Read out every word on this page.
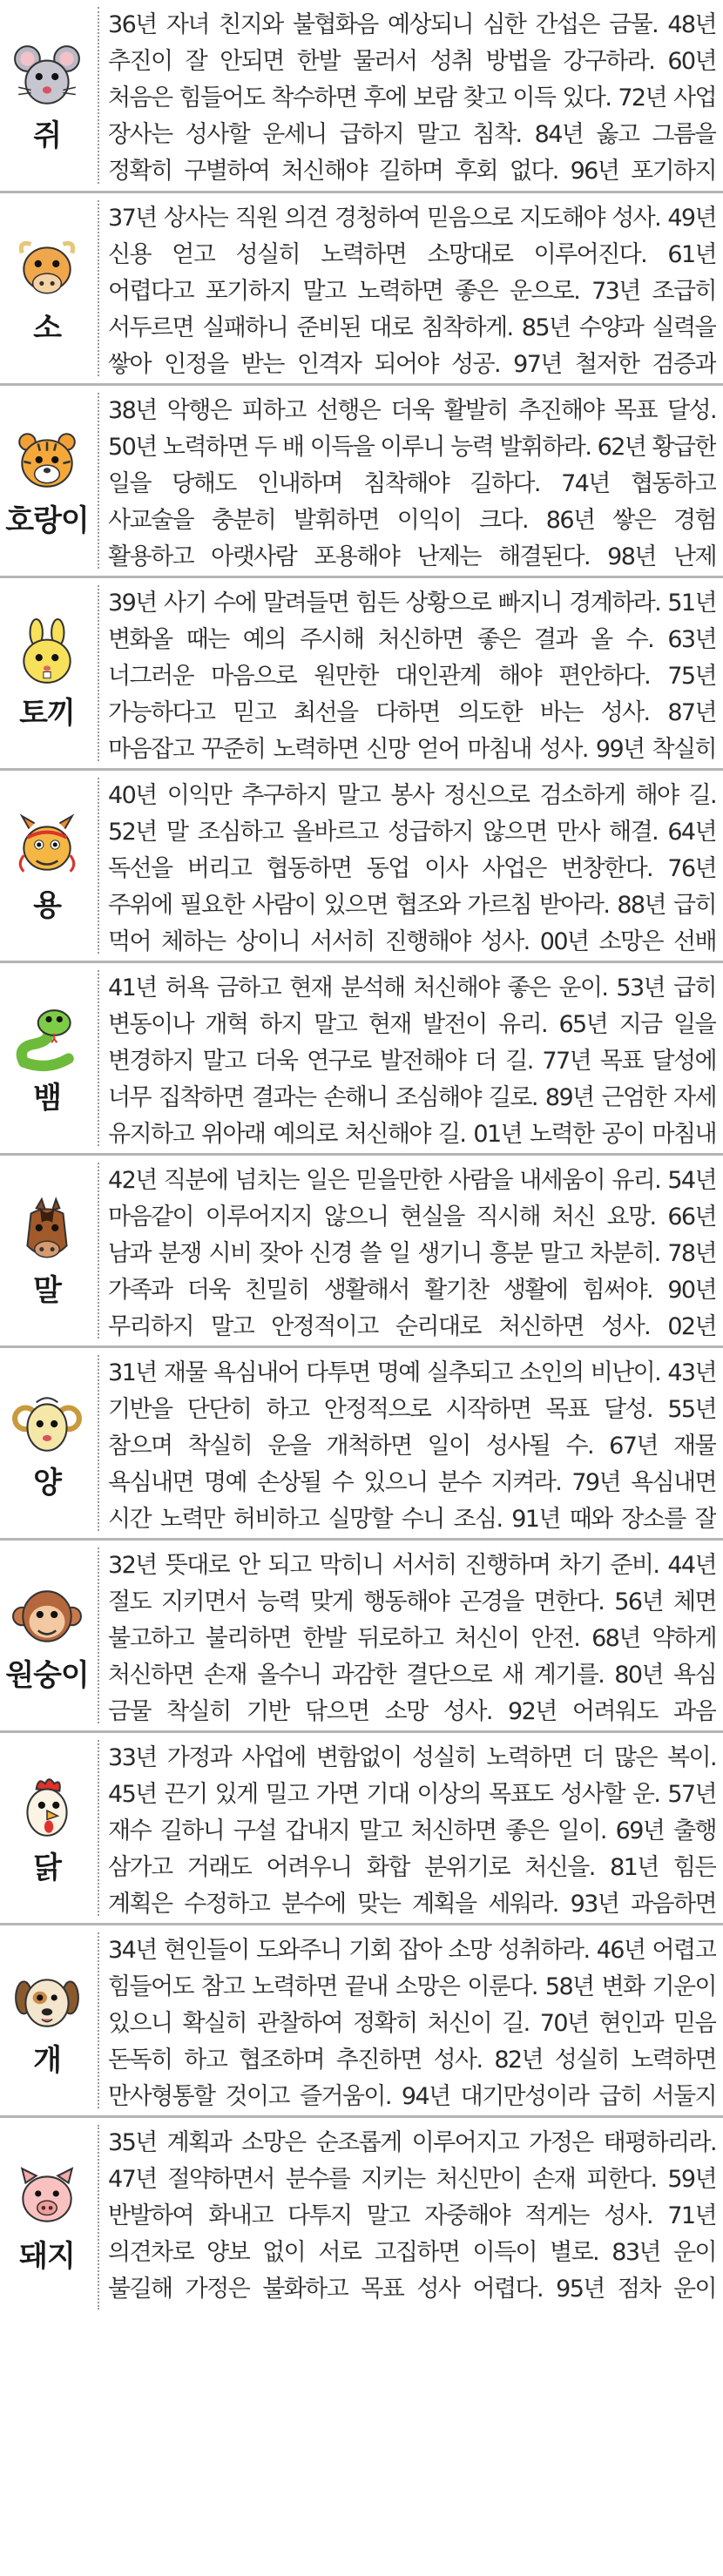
쥐
36년 자녀 친지와 불협화음 예상되니 심한 간섭은 금물. 48년 추진이 잘 안되면 한발 물러서 성취 방법을 강구하라. 60년 처음은 힘들어도 착수하면 후에 보람 찾고 이득 있다. 72년 사업 장사는 성사할 운세니 급하지 말고 침착. 84년 옳고 그름을 정확히 구별하여 처신해야 길하며 후회 없다. 96년 포기하지
소
37년 상사는 직원 의견 경청하여 믿음으로 지도해야 성사. 49년 신용 얻고 성실히 노력하면 소망대로 이루어진다. 61년 어렵다고 포기하지 말고 노력하면 좋은 운으로. 73년 조급히 서두르면 실패하니 준비된 대로 침착하게. 85년 수양과 실력을 쌓아 인정을 받는 인격자 되어야 성공. 97년 철저한 검증과
호랑이
38년 악행은 피하고 선행은 더욱 활발히 추진해야 목표 달성. 50년 노력하면 두 배 이득을 이루니 능력 발휘하라. 62년 황급한 일을 당해도 인내하며 침착해야 길하다. 74년 협동하고 사교술을 충분히 발휘하면 이익이 크다. 86년 쌓은 경험 활용하고 아랫사람 포용해야 난제는 해결된다. 98년 난제
토끼
39년 사기 수에 말려들면 힘든 상황으로 빠지니 경계하라. 51년 변화올 때는 예의 주시해 처신하면 좋은 결과 올 수. 63년 너그러운 마음으로 원만한 대인관계 해야 편안하다. 75년 가능하다고 믿고 최선을 다하면 의도한 바는 성사. 87년 마음잡고 꾸준히 노력하면 신망 얻어 마침내 성사. 99년 착실히
용
40년 이익만 추구하지 말고 봉사 정신으로 검소하게 해야 길. 52년 말 조심하고 올바르고 성급하지 않으면 만사 해결. 64년 독선을 버리고 협동하면 동업 이사 사업은 번창한다. 76년 주위에 필요한 사람이 있으면 협조와 가르침 받아라. 88년 급히 먹어 체하는 상이니 서서히 진행해야 성사. 00년 소망은 선배
뱀
41년 허욕 금하고 현재 분석해 처신해야 좋은 운이. 53년 급히 변동이나 개혁 하지 말고 현재 발전이 유리. 65년 지금 일을 변경하지 말고 더욱 연구로 발전해야 더 길. 77년 목표 달성에 너무 집착하면 결과는 손해니 조심해야 길로. 89년 근엄한 자세 유지하고 위아래 예의로 처신해야 길. 01년 노력한 공이 마침내
말
42년 직분에 넘치는 일은 믿을만한 사람을 내세움이 유리. 54년 마음같이 이루어지지 않으니 현실을 직시해 처신 요망. 66년 남과 분쟁 시비 잦아 신경 쓸 일 생기니 흥분 말고 차분히. 78년 가족과 더욱 친밀히 생활해서 활기찬 생활에 힘써야. 90년 무리하지 말고 안정적이고 순리대로 처신하면 성사. 02년
양
31년 재물 욕심내어 다투면 명예 실추되고 소인의 비난이. 43년 기반을 단단히 하고 안정적으로 시작하면 목표 달성. 55년 참으며 착실히 운을 개척하면 일이 성사될 수. 67년 재물 욕심내면 명예 손상될 수 있으니 분수 지켜라. 79년 욕심내면 시간 노력만 허비하고 실망할 수니 조심. 91년 때와 장소를 잘
원숭이
32년 뜻대로 안 되고 막히니 서서히 진행하며 차기 준비. 44년 절도 지키면서 능력 맞게 행동해야 곤경을 면한다. 56년 체면 불고하고 불리하면 한발 뒤로하고 처신이 안전. 68년 약하게 처신하면 손재 올수니 과감한 결단으로 새 계기를. 80년 욕심 금물 착실히 기반 닦으면 소망 성사. 92년 어려워도 과음
닭
33년 가정과 사업에 변함없이 성실히 노력하면 더 많은 복이. 45년 끈기 있게 밀고 가면 기대 이상의 목표도 성사할 운. 57년 재수 길하니 구설 갑내지 말고 처신하면 좋은 일이. 69년 출행 삼가고 거래도 어려우니 화합 분위기로 처신을. 81년 힘든 계획은 수정하고 분수에 맞는 계획을 세워라. 93년 과음하면
개
34년 현인들이 도와주니 기회 잡아 소망 성취하라. 46년 어렵고 힘들어도 참고 노력하면 끝내 소망은 이룬다. 58년 변화 기운이 있으니 확실히 관찰하여 정확히 처신이 길. 70년 현인과 믿음 돈독히 하고 협조하며 추진하면 성사. 82년 성실히 노력하면 만사형통할 것이고 즐거움이. 94년 대기만성이라 급히 서둘지
돼지
35년 계획과 소망은 순조롭게 이루어지고 가정은 태평하리라. 47년 절약하면서 분수를 지키는 처신만이 손재 피한다. 59년 반발하여 화내고 다투지 말고 자중해야 적게는 성사. 71년 의견차로 양보 없이 서로 고집하면 이득이 별로. 83년 운이 불길해 가정은 불화하고 목표 성사 어렵다. 95년 점차 운이
